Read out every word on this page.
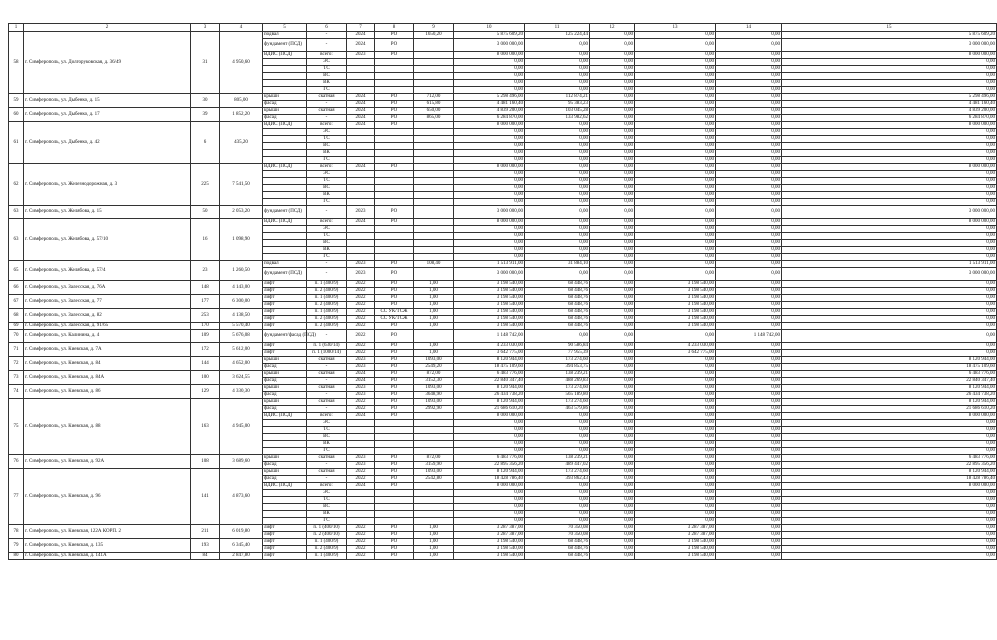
1	2	3	4	5	6	7	8	9	10	11	12	13	14	15
58	г. Симферополь, ул. Долгоруковская, д. 36/49	31	4 950,60	подвал	-	2024	РО	1650,20	5 875 609,20	125 224,44	0,00	0,00	0,00	5 875 609,20
				фундамент (ПСД)	-	2024	РО		3 000 000,00	0,00	0,00	0,00	0,00	3 000 000,00
				ВДИС (ПСД)	всего:	2023	РО		8 000 000,00	0,00	0,00	0,00	0,00	8 000 000,00
					ЭС				0,00	0,00	0,00	0,00	0,00	0,00
					ТС				0,00	0,00	0,00	0,00	0,00	0,00
					ВС				0,00	0,00	0,00	0,00	0,00	0,00
					ВК				0,00	0,00	0,00	0,00	0,00	0,00
					ГС				0,00	0,00	0,00	0,00	0,00	0,00
59	г. Симферополь, ул. Дыбенко, д. 15	30	805,00	крыши	скатная	2024	РО	712,00	5 298 496,00	112 874,21	0,00	0,00	0,00	5 298 496,00
				фасад	-	2024	РО	615,80	4 481 160,40	95 383,23	0,00	0,00	0,00	4 481 160,40
60	г. Симферополь, ул. Дыбенко, д. 17	39	1 852,20	крыши	скатная	2024	РО	650,00	4 839 200,00	103 045,28	0,00	0,00	0,00	4 839 200,00
				фасад	-	2024	РО	865,00	6 284 870,00	133 982,62	0,00	0,00	0,00	6 284 870,00
61	г. Симферополь, ул. Дыбенко, д. 42	6	435,20	ВДИС (ПСД)	всего:	2024	РО		8 000 000,00	0,00	0,00	0,00	0,00	8 000 000,00
					ЭС				0,00	0,00	0,00	0,00	0,00	0,00
					ТС				0,00	0,00	0,00	0,00	0,00	0,00
					ВС				0,00	0,00	0,00	0,00	0,00	0,00
					ВК				0,00	0,00	0,00	0,00	0,00	0,00
					ГС				0,00	0,00	0,00	0,00	0,00	0,00
62	г. Симферополь, ул. Железнодорожная, д. 3	225	7 541,50	ВДИС (ПСД)	всего:	2024	РО		8 000 000,00	0,00	0,00	0,00	0,00	8 000 000,00
					ЭС				0,00	0,00	0,00	0,00	0,00	0,00
					ТС				0,00	0,00	0,00	0,00	0,00	0,00
					ВС				0,00	0,00	0,00	0,00	0,00	0,00
					ВК				0,00	0,00	0,00	0,00	0,00	0,00
					ГС				0,00	0,00	0,00	0,00	0,00	0,00
63	г. Симферополь, ул. Желябова, д. 15	50	2 053,20	фундамент (ПСД)	-	2023	РО		3 000 000,00	0,00	0,00	0,00	0,00	3 000 000,00
63	г. Симферополь, ул. Желябова, д. 57/10	16	1 098,90	ВДИС (ПСД)	всего:	2024	РО		8 000 000,00	0,00	0,00	0,00	0,00	8 000 000,00
					ЭС				0,00	0,00	0,00	0,00	0,00	0,00
					ТС				0,00	0,00	0,00	0,00	0,00	0,00
					ВС				0,00	0,00	0,00	0,00	0,00	0,00
					ВК				0,00	0,00	0,00	0,00	0,00	0,00
					ГС				0,00	0,00	0,00	0,00	0,00	0,00
65	г. Симферополь, ул. Желябова, д. 57/4	23	1 260,50	подвал	-	2023	РО	108,40	1 513 911,00	31 884,10	0,00	0,00	0,00	1 513 911,00
				фундамент (ПСД)	-	2023	РО		3 000 000,00	0,00	0,00	0,00	0,00	3 000 000,00
66	г. Симферополь, ул. Залесская, д. 76А	148	4 143,00	лифт	п. 1 (400/9)	2022	РО	1,00	3 198 540,00	68 448,76	0,00	3 198 540,00	0,00	0,00
				лифт	п. 2 (400/9)	2022	РО	1,00	3 198 540,00	68 448,76	0,00	3 198 540,00	0,00	0,00
67	г. Симферополь, ул. Залесская, д. 77	177	6 300,00	лифт	п. 1 (400/9)	2022	РО	1,00	3 198 540,00	68 448,76	0,00	3 198 540,00	0,00	0,00
				лифт	п. 2 (400/9)	2022	РО	1,00	3 198 540,00	68 448,76	0,00	3 198 540,00	0,00	0,00
68	г. Симферополь, ул. Залесская, д. 82	253	4 138,50	лифт	п. 1 (400/9)	2022	СС УК/ТСЖ	1,00	3 198 540,00	68 448,76	0,00	3 198 540,00	0,00	0,00
				лифт	п. 2 (400/9)	2022	СС УК/ТСЖ	1,00	3 198 540,00	68 448,76	0,00	3 198 540,00	0,00	0,00
69	г. Симферополь, ул. Залесская, д. 91/65	170	5 570,40	лифт	п. 2 (400/9)	2022	РО	1,00	3 198 540,00	68 448,76	0,00	3 198 540,00	0,00	0,00
70	г. Симферополь, ул. Калинина, д. 4	109	5 676,08	фундамент/фасад (ПСД)	-	2022	РО		1 148 742,00	0,00	0,00	0,00	1 148 742,00	0,00
71	г. Симферополь, ул. Киевская, д. 7А	172	5 612,00	лифт	п. 1 (630/14)	2022	РО	1,00	4 233 030,00	90 586,84	0,00	4 233 030,00	0,00	0,00
				лифт	п. 1 (1000/14)	2022	РО	1,00	3 642 775,00	77 955,39	0,00	3 642 775,00	0,00	0,00
72	г. Симферополь, ул. Киевская, д. 84	144	4 652,00	крыши	скатная	2023	РО	1093,00	8 120 944,00	173 274,60	0,00	0,00	0,00	8 120 944,00
				фасад	-	2023	РО	2549,20	18 475 109,60	394 853,75	0,00	0,00	0,00	18 475 109,60
73	г. Симферополь, ул. Киевская, д. 84А	100	3 624,55	крыши	скатная	2024	РО	872,00	6 483 776,00	138 239,21	0,00	0,00	0,00	6 483 776,00
				фасад	-	2024	РО	3152,30	22 840 347,40	488 269,83	0,00	0,00	0,00	22 840 347,40
74	г. Симферополь, ул. Киевская, д. 86	129	4 330,30	крыши	скатная	2023	РО	1093,00	8 120 944,00	173 274,60	0,00	0,00	0,00	8 120 944,00
				фасад	-	2023	РО	3648,90	26 434 738,20	565 189,80	0,00	0,00	0,00	26 434 738,20
75	г. Симферополь, ул. Киевская, д. 88	163	4 945,00	крыши	скатная	2022	РО	1093,00	8 120 944,00	173 274,60	0,00	0,00	0,00	8 120 944,00
				фасад	-	2022	РО	2992,90	21 686 610,20	463 579,86	0,00	0,00	0,00	21 686 610,20
				ВДИС (ПСД)	всего:	2024	РО		8 000 000,00	0,00	0,00	0,00	0,00	8 000 000,00
					ЭС				0,00	0,00	0,00	0,00	0,00	0,00
					ТС				0,00	0,00	0,00	0,00	0,00	0,00
					ВС				0,00	0,00	0,00	0,00	0,00	0,00
					ВК				0,00	0,00	0,00	0,00	0,00	0,00
					ГС				0,00	0,00	0,00	0,00	0,00	0,00
76	г. Симферополь, ул. Киевская, д. 92А	108	3 689,60	крыши	скатная	2023	РО	872,00	6 483 776,00	138 239,21	0,00	0,00	0,00	6 483 776,00
				фасад	-	2023	РО	3159,90	22 895 356,20	489 447,02	0,00	0,00	0,00	22 895 356,20
77	г. Симферополь, ул. Киевская, д. 96	141	4 873,60	крыши	скатная	2022	РО	1093,00	8 120 944,00	173 274,60	0,00	0,00	0,00	8 120 944,00
				фасад	-	2022	РО	2542,80	18 428 786,40	393 862,43	0,00	0,00	0,00	18 428 786,40
				ВДИС (ПСД)	всего:	2024	РО		8 000 000,00	0,00	0,00	0,00	0,00	8 000 000,00
					ЭС				0,00	0,00	0,00	0,00	0,00	0,00
					ТС				0,00	0,00	0,00	0,00	0,00	0,00
					ВС				0,00	0,00	0,00	0,00	0,00	0,00
					ВК				0,00	0,00	0,00	0,00	0,00	0,00
					ГС				0,00	0,00	0,00	0,00	0,00	0,00
78	г. Симферополь, ул. Киевская, 122А КОРП. 2	211	6 019,80	лифт	п. 1 (400/10)	2022	РО	1,00	3 287 387,00	70 350,08	0,00	3 287 387,00	0,00	0,00
				лифт	п. 2 (400/10)	2022	РО	1,00	3 287 387,00	70 350,08	0,00	3 287 387,00	0,00	0,00
79	г. Симферополь, ул. Киевская, д. 135	193	6 345,40	лифт	п. 1 (400/9)	2022	РО	1,00	3 198 540,00	68 448,76	0,00	3 198 540,00	0,00	0,00
				лифт	п. 2 (400/9)	2022	РО	1,00	3 198 540,00	68 448,76	0,00	3 198 540,00	0,00	0,00
80	г. Симферополь, ул. Киевская, д. 141А	84	2 847,80	лифт	п. 1 (400/9)	2022	РО	1,00	3 198 540,00	68 448,76	0,00	3 198 540,00	0,00	0,00
